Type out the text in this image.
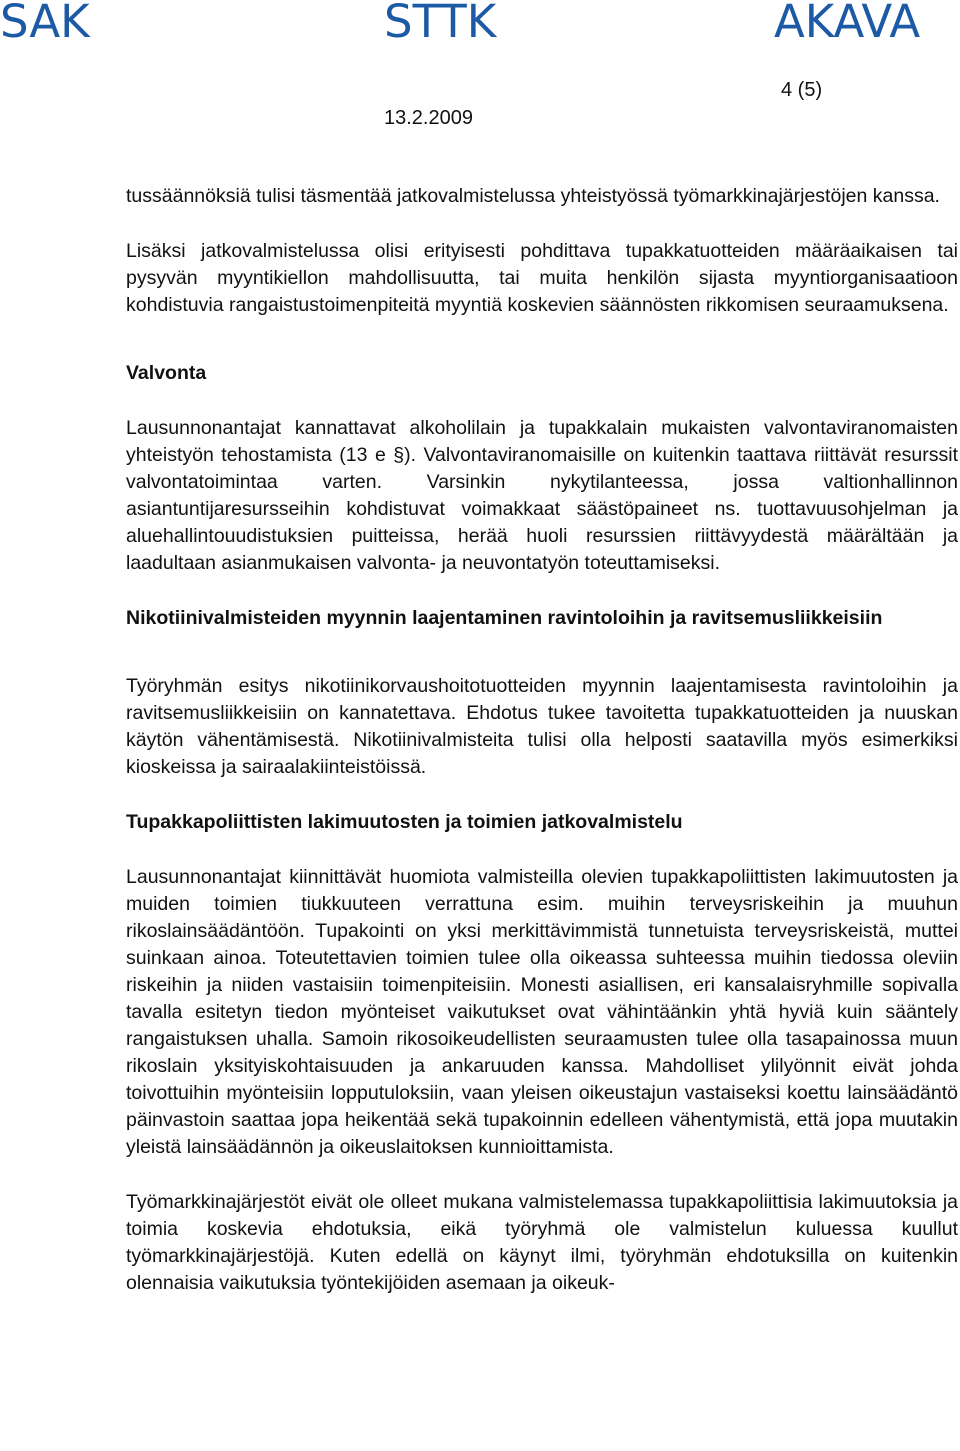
SAK	STTK	AKAVA
4 (5)
13.2.2009

tussäännöksiä tulisi täsmentää jatkovalmistelussa yhteistyössä työmarkkinajärjestöjen kanssa.

Lisäksi jatkovalmistelussa olisi erityisesti pohdittava tupakkatuotteiden määräaikaisen tai pysyvän myyntikiellon mahdollisuutta, tai muita henkilön sijasta myyntiorganisaatioon kohdistuvia rangaistustoimenpiteitä myyntiä koskevien säännösten rikkomisen seuraamuksena.

Valvonta

Lausunnonantajat kannattavat alkoholilain ja tupakkalain mukaisten valvontaviranomaisten yhteistyön tehostamista (13 e §). Valvontaviranomaisille on kuitenkin taattava riittävät resurssit valvontatoimintaa varten. Varsinkin nykytilanteessa, jossa valtionhallinnon asiantuntijaresursseihin kohdistuvat voimakkaat säästöpaineet ns. tuottavuusohjelman ja aluehallintouudistuksien puitteissa, herää huoli resurssien riittävyydestä määrältään ja laadultaan asianmukaisen valvonta- ja neuvontatyön toteuttamiseksi.

Nikotiinivalmisteiden myynnin laajentaminen ravintoloihin ja ravitsemusliikkeisiin

Työryhmän esitys nikotiinikorvaushoitotuotteiden myynnin laajentamisesta ravintoloihin ja ravitsemusliikkeisiin on kannatettava. Ehdotus tukee tavoitetta tupakkatuotteiden ja nuuskan käytön vähentämisestä. Nikotiinivalmisteita tulisi olla helposti saatavilla myös esimerkiksi kioskeissa ja sairaalakiinteistöissä.

Tupakkapoliittisten lakimuutosten ja toimien jatkovalmistelu

Lausunnonantajat kiinnittävät huomiota valmisteilla olevien tupakkapoliittisten lakimuutosten ja muiden toimien tiukkuuteen verrattuna esim. muihin terveysriskeihin ja muuhun rikoslainsäädäntöön. Tupakointi on yksi merkittävimmistä tunnetuista terveysriskeistä, muttei suinkaan ainoa. Toteutettavien toimien tulee olla oikeassa suhteessa muihin tiedossa oleviin riskeihin ja niiden vastaisiin toimenpiteisiin. Monesti asiallisen, eri kansalaisryhmille sopivalla tavalla esitetyn tiedon myönteiset vaikutukset ovat vähintäänkin yhtä hyviä kuin sääntely rangaistuksen uhalla. Samoin rikosoikeudellisten seuraamusten tulee olla tasapainossa muun rikoslain yksityiskohtaisuuden ja ankaruuden kanssa. Mahdolliset ylilyönnit eivät johda toivottuihin myönteisiin lopputuloksiin, vaan yleisen oikeustajun vastaiseksi koettu lainsäädäntö päinvastoin saattaa jopa heikentää sekä tupakoinnin edelleen vähentymistä, että jopa muutakin yleistä lainsäädännön ja oikeuslaitoksen kunnioittamista.

Työmarkkinajärjestöt eivät ole olleet mukana valmistelemassa tupakkapoliittisia lakimuutoksia ja toimia koskevia ehdotuksia, eikä työryhmä ole valmistelun kuluessa kuullut työmarkkinajärjestöjä. Kuten edellä on käynyt ilmi, työryhmän ehdotuksilla on kuitenkin olennaisia vaikutuksia työntekijöiden asemaan ja oikeuk-
